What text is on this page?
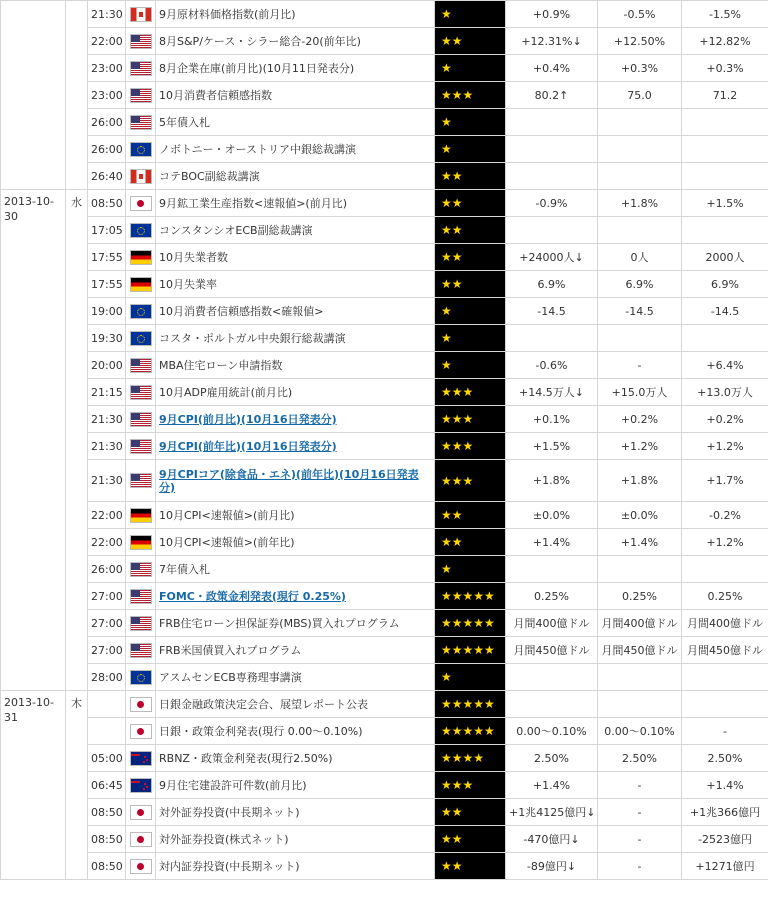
		21:30		9月原材料価格指数(前月比)	★	+0.9%	-0.5%	-1.5%
		22:00		8月S&P/ケース・シラー総合-20(前年比)	★★	+12.31%↓	+12.50%	+12.82%
		23:00		8月企業在庫(前月比)(10月11日発表分)	★	+0.4%	+0.3%	+0.3%
		23:00		10月消費者信頼感指数	★★★	80.2↑	75.0	71.2
		26:00		5年債入札	★			
		26:00		ノボトニー・オーストリア中銀総裁講演	★			
		26:40		コテBOC副総裁講演	★★			
2013-10-30	水	08:50		9月鉱工業生産指数<速報値>(前月比)	★★	-0.9%	+1.8%	+1.5%
		17:05		コンスタンシオECB副総裁講演	★★			
		17:55		10月失業者数	★★	+24000人↓	0人	2000人
		17:55		10月失業率	★★	6.9%	6.9%	6.9%
		19:00		10月消費者信頼感指数<確報値>	★	-14.5	-14.5	-14.5
		19:30		コスタ・ポルトガル中央銀行総裁講演	★			
		20:00		MBA住宅ローン申請指数	★	-0.6%	-	+6.4%
		21:15		10月ADP雇用統計(前月比)	★★★	+14.5万人↓	+15.0万人	+13.0万人
		21:30		9月CPI(前月比)(10月16日発表分)	★★★	+0.1%	+0.2%	+0.2%
		21:30		9月CPI(前年比)(10月16日発表分)	★★★	+1.5%	+1.2%	+1.2%
		21:30		9月CPIコア(除食品・エネ)(前年比)(10月16日発表分)	★★★	+1.8%	+1.8%	+1.7%
		22:00		10月CPI<速報値>(前月比)	★★	±0.0%	±0.0%	-0.2%
		22:00		10月CPI<速報値>(前年比)	★★	+1.4%	+1.4%	+1.2%
		26:00		7年債入札	★			
		27:00		FOMC・政策金利発表(現行 0.25%)	★★★★★	0.25%	0.25%	0.25%
		27:00		FRB住宅ローン担保証券(MBS)買入れプログラム	★★★★★	月間400億ドル	月間400億ドル	月間400億ドル
		27:00		FRB米国債買入れプログラム	★★★★★	月間450億ドル	月間450億ドル	月間450億ドル
		28:00		アスムセンECB専務理事講演	★			
2013-10-31	木			日銀金融政策決定会合、展望レポート公表	★★★★★			
				日銀・政策金利発表(現行 0.00～0.10%)	★★★★★	0.00～0.10%	0.00～0.10%	-
		05:00		RBNZ・政策金利発表(現行2.50%)	★★★★	2.50%	2.50%	2.50%
		06:45		9月住宅建設許可件数(前月比)	★★★	+1.4%	-	+1.4%
		08:50		対外証券投資(中長期ネット)	★★	+1兆4125億円↓	-	+1兆366億円
		08:50		対外証券投資(株式ネット)	★★	-470億円↓	-	-2523億円
		08:50		対内証券投資(中長期ネット)	★★	-89億円↓	-	+1271億円
